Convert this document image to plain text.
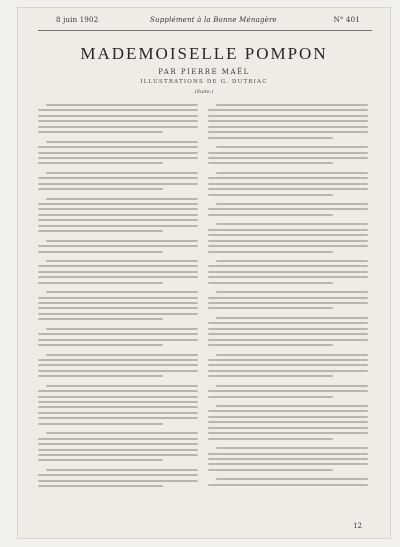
8 juin 1902	Supplément à la Bonne Ménagère	N° 401
MADEMOISELLE POMPON
PAR PIERRE MAËL
ILLUSTRATIONS DE G. DUTRIAC
(Suite.)
12
